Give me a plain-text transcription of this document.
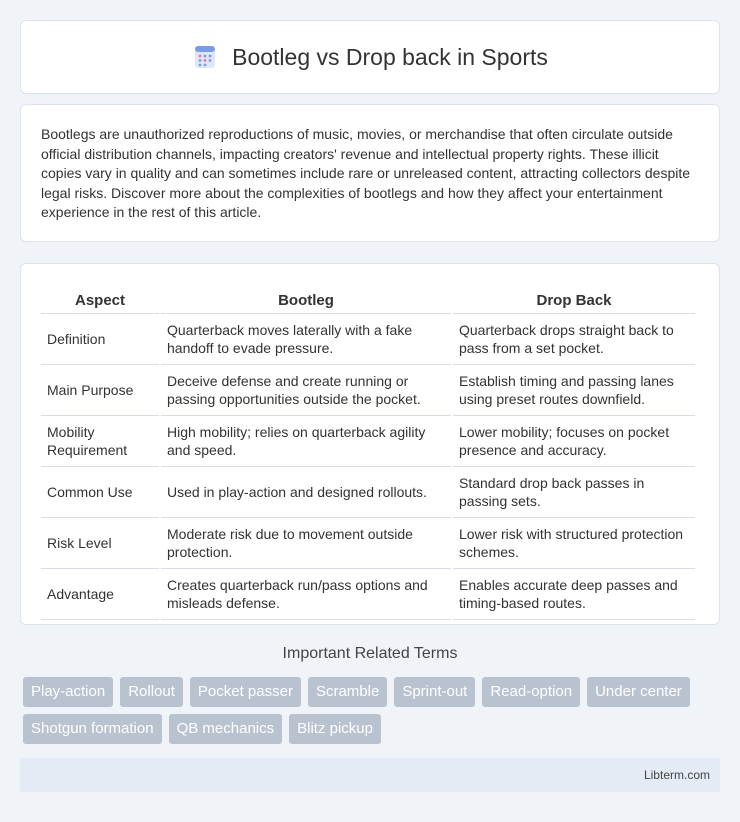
Bootleg vs Drop back in Sports

Bootlegs are unauthorized reproductions of music, movies, or merchandise that often circulate outside official distribution channels, impacting creators' revenue and intellectual property rights. These illicit copies vary in quality and can sometimes include rare or unreleased content, attracting collectors despite legal risks. Discover more about the complexities of bootlegs and how they affect your entertainment experience in the rest of this article.

Aspect	Bootleg	Drop Back
Definition	Quarterback moves laterally with a fake handoff to evade pressure.	Quarterback drops straight back to pass from a set pocket.
Main Purpose	Deceive defense and create running or passing opportunities outside the pocket.	Establish timing and passing lanes using preset routes downfield.
Mobility Requirement	High mobility; relies on quarterback agility and speed.	Lower mobility; focuses on pocket presence and accuracy.
Common Use	Used in play-action and designed rollouts.	Standard drop back passes in passing sets.
Risk Level	Moderate risk due to movement outside protection.	Lower risk with structured protection schemes.
Advantage	Creates quarterback run/pass options and misleads defense.	Enables accurate deep passes and timing-based routes.
Important Related Terms
Play-action	Rollout	Pocket passer	Scramble	Sprint-out	Read-option	Under center
Shotgun formation	QB mechanics	Blitz pickup
Libterm.com
